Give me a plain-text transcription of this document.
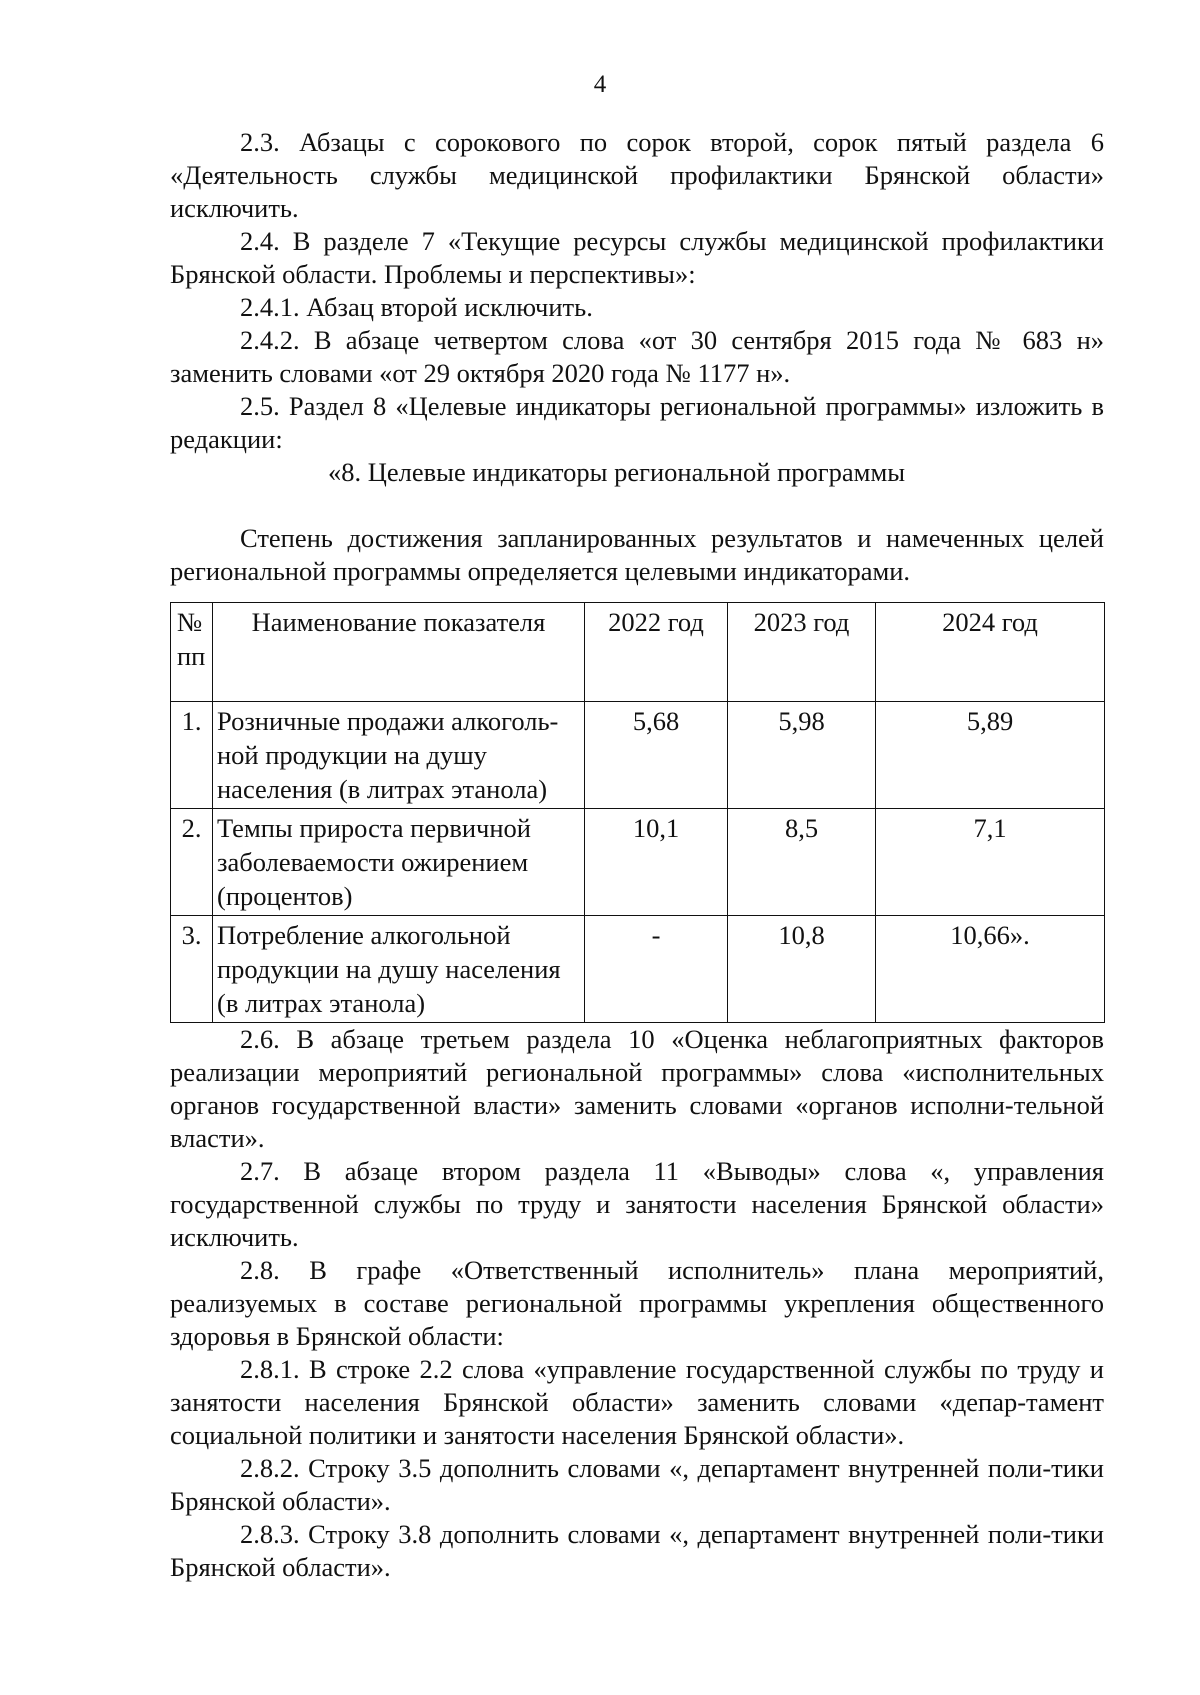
4

2.3. Абзацы с сорокового по сорок второй, сорок пятый раздела 6 «Деятельность службы медицинской профилактики Брянской области» исключить.

2.4. В разделе 7 «Текущие ресурсы службы медицинской профилактики Брянской области. Проблемы и перспективы»:

2.4.1. Абзац второй исключить.

2.4.2. В абзаце четвертом слова «от 30 сентября 2015 года № 683 н» заменить словами «от 29 октября 2020 года № 1177 н».

2.5. Раздел 8 «Целевые индикаторы региональной программы» изложить в редакции:

«8. Целевые индикаторы региональной программы

Степень достижения запланированных результатов и намеченных целей региональной программы определяется целевыми индикаторами.

№
пп	Наименование показателя	2022 год	2023 год	2024 год
1.	Розничные продажи алкоголь-ной продукции на душу населения (в литрах этанола)	5,68	5,98	5,89
2.	Темпы прироста первичной заболеваемости ожирением (процентов)	10,1	8,5	7,1
3.	Потребление алкогольной продукции на душу населения (в литрах этанола)	-	10,8	10,66».

2.6. В абзаце третьем раздела 10 «Оценка неблагоприятных факторов реализации мероприятий региональной программы» слова «исполнительных органов государственной власти» заменить словами «органов исполни-тельной власти».

2.7. В абзаце втором раздела 11 «Выводы» слова «, управления государственной службы по труду и занятости населения Брянской области» исключить.

2.8. В графе «Ответственный исполнитель» плана мероприятий, реализуемых в составе региональной программы укрепления общественного здоровья в Брянской области:

2.8.1. В строке 2.2 слова «управление государственной службы по труду и занятости населения Брянской области» заменить словами «депар-тамент социальной политики и занятости населения Брянской области».

2.8.2. Строку 3.5 дополнить словами «, департамент внутренней поли-тики Брянской области».

2.8.3. Строку 3.8 дополнить словами «, департамент внутренней поли-тики Брянской области».
